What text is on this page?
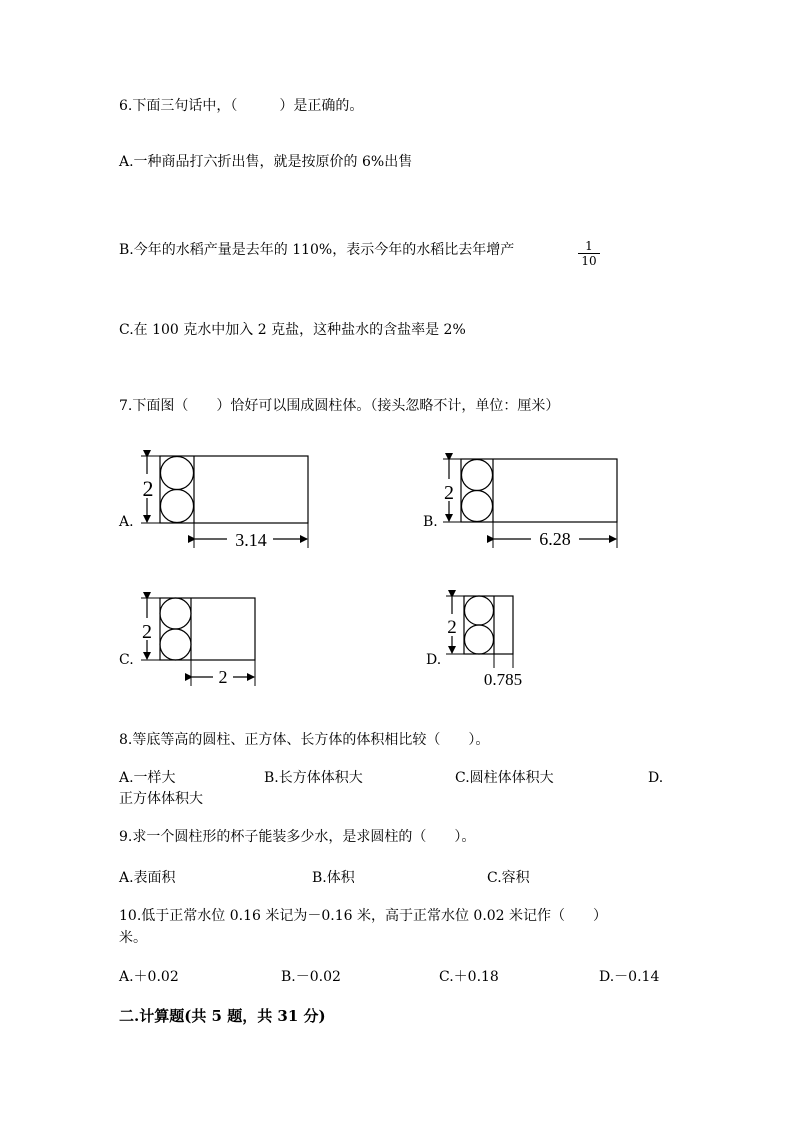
6.下面三句话中，（　　　）是正确的。
A.一种商品打六折出售，就是按原价的 6%出售
B.今年的水稻产量是去年的 110%，表示今年的水稻比去年增产	$\frac{1}{10}$
C.在 100 克水中加入 2 克盐，这种盐水的含盐率是 2%
7.下面图（　　）恰好可以围成圆柱体。（接头忽略不计，单位：厘米）
A.
2
3.14
B.
2
6.28
C.
2
2
D.
2
0.785
8.等底等高的圆柱、正方体、长方体的体积相比较（　　）。
A.一样大	B.长方体体积大	C.圆柱体体积大	D.
正方体体积大
9.求一个圆柱形的杯子能装多少水，是求圆柱的（　　）。
A.表面积	B.体积	C.容积
10.低于正常水位 0.16 米记为－0.16 米，高于正常水位 0.02 米记作（　　）
米。
A.＋0.02	B.－0.02	C.＋0.18	D.－0.14
二.计算题(共 5 题，共 31 分)
